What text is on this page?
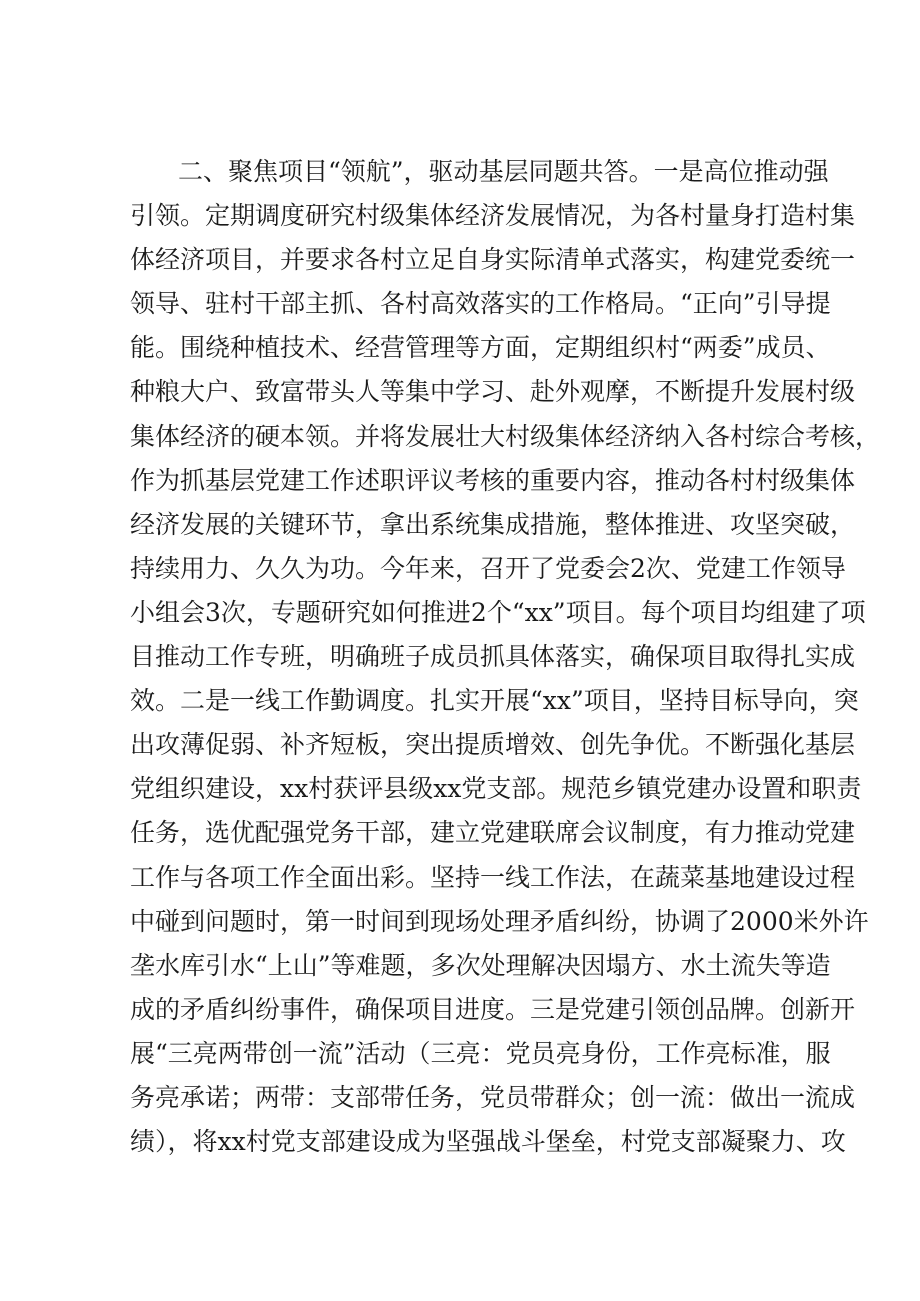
二、聚焦项目“领航”，驱动基层同题共答。一是高位推动强
引领。定期调度研究村级集体经济发展情况，为各村量身打造村集
体经济项目，并要求各村立足自身实际清单式落实，构建党委统一
领导、驻村干部主抓、各村高效落实的工作格局。“正向”引导提
能。围绕种植技术、经营管理等方面，定期组织村“两委”成员、
种粮大户、致富带头人等集中学习、赴外观摩，不断提升发展村级
集体经济的硬本领。并将发展壮大村级集体经济纳入各村综合考核，
作为抓基层党建工作述职评议考核的重要内容，推动各村村级集体
经济发展的关键环节，拿出系统集成措施，整体推进、攻坚突破，
持续用力、久久为功。今年来，召开了党委会2次、党建工作领导
小组会3次，专题研究如何推进2个“xx”项目。每个项目均组建了项
目推动工作专班，明确班子成员抓具体落实，确保项目取得扎实成
效。二是一线工作勤调度。扎实开展“xx”项目，坚持目标导向，突
出攻薄促弱、补齐短板，突出提质增效、创先争优。不断强化基层
党组织建设，xx村获评县级xx党支部。规范乡镇党建办设置和职责
任务，选优配强党务干部，建立党建联席会议制度，有力推动党建
工作与各项工作全面出彩。坚持一线工作法，在蔬菜基地建设过程
中碰到问题时，第一时间到现场处理矛盾纠纷，协调了2000米外许
垄水库引水“上山”等难题，多次处理解决因塌方、水土流失等造
成的矛盾纠纷事件，确保项目进度。三是党建引领创品牌。创新开
展“三亮两带创一流”活动（三亮：党员亮身份，工作亮标准，服
务亮承诺；两带：支部带任务，党员带群众；创一流：做出一流成
绩），将xx村党支部建设成为坚强战斗堡垒，村党支部凝聚力、攻
